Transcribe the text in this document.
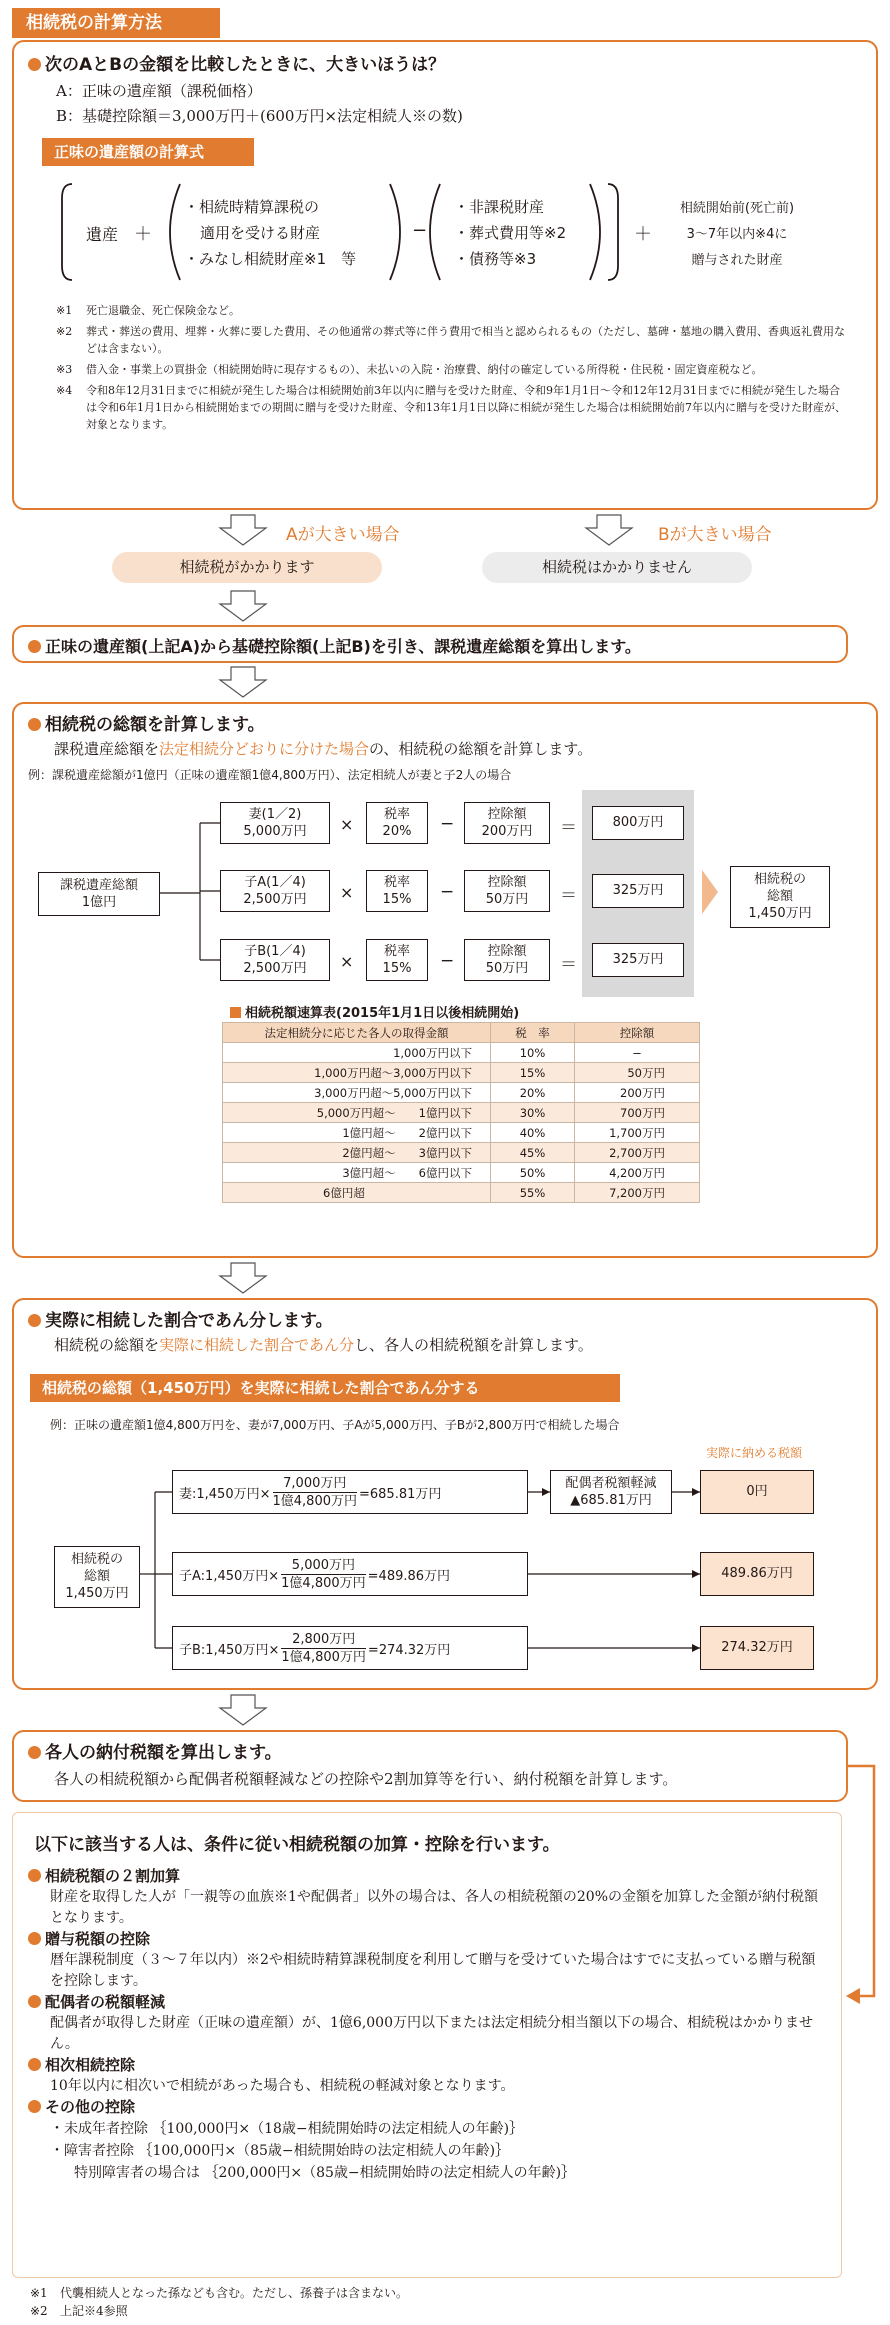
相続税の計算方法
次のAとBの金額を比較したときに、大きいほうは？
A：正味の遺産額（課税価格）
B：基礎控除額＝3,000万円＋(600万円×法定相続人※の数)
正味の遺産額の計算式
遺産 ＋
・相続時精算課税の
適用を受ける財産
・みなし相続財産※1　等
−
・非課税財産
・葬式費用等※2
・債務等※3
＋
相続開始前(死亡前)
3〜7年以内※4に
贈与された財産
※1	死亡退職金、死亡保険金など。
※2	葬式・葬送の費用、埋葬・火葬に要した費用、その他通常の葬式等に伴う費用で相当と認められるもの（ただし、墓碑・墓地の購入費用、香典返礼費用などは含まない）。
※3	借入金・事業上の買掛金（相続開始時に現存するもの）、未払いの入院・治療費、納付の確定している所得税・住民税・固定資産税など。
※4	令和8年12月31日までに相続が発生した場合は相続開始前3年以内に贈与を受けた財産、令和9年1月1日〜令和12年12月31日までに相続が発生した場合は令和6年1月1日から相続開始までの期間に贈与を受けた財産、令和13年1月1日以降に相続が発生した場合は相続開始前7年以内に贈与を受けた財産が、対象となります。
Aが大きい場合	Bが大きい場合
相続税がかかります	相続税はかかりません
正味の遺産額(上記A)から基礎控除額(上記B)を引き、課税遺産総額を算出します。
相続税の総額を計算します。
課税遺産総額を法定相続分どおりに分けた場合の、相続税の総額を計算します。
例：課税遺産総額が1億円（正味の遺産額1億4,800万円）、法定相続人が妻と子2人の場合
課税遺産総額
1億円
妻(1／2)
5,000万円	×
税率
20%	−	控除額
200万円	＝	800万円
子A(1／4)
2,500万円	×
税率
15%	−	控除額
50万円	＝	325万円
子B(1／4)
2,500万円	×
税率
15%	−	控除額
50万円	＝	325万円
相続税の
総額
1,450万円
相続税額速算表(2015年1月1日以後相続開始)
法定相続分に応じた各人の取得金額	税　率	控除額
1,000万円以下	10%	−
1,000万円超〜3,000万円以下	15%	50万円
3,000万円超〜5,000万円以下	20%	200万円
5,000万円超〜　　1億円以下	30%	700万円
1億円超〜　　2億円以下	40%	1,700万円
2億円超〜　　3億円以下	45%	2,700万円
3億円超〜　　6億円以下	50%	4,200万円
6億円超	55%	7,200万円
実際に相続した割合であん分します。
相続税の総額を実際に相続した割合であん分し、各人の相続税額を計算します。
相続税の総額（1,450万円）を実際に相続した割合であん分する
例：正味の遺産額1億4,800万円を、妻が7,000万円、子Aが5,000万円、子Bが2,800万円で相続した場合
実際に納める税額
相続税の
総額
1,450万円
妻:1,450万円×
7,000万円
1億4,800万円 =685.81万円
配偶者税額軽減
▲685.81万円
0円
子A:1,450万円×
5,000万円
1億4,800万円 =489.86万円	489.86万円
子B:1,450万円×
2,800万円
1億4,800万円 =274.32万円	274.32万円
各人の納付税額を算出します。
各人の相続税額から配偶者税額軽減などの控除や2割加算等を行い、納付税額を計算します。
以下に該当する人は、条件に従い相続税額の加算・控除を行います。
相続税額の２割加算
財産を取得した人が「一親等の血族※1や配偶者」以外の場合は、各人の相続税額の20%の金額を加算した金額が納付税額となります。
贈与税額の控除
暦年課税制度（３〜７年以内）※2や相続時精算課税制度を利用して贈与を受けていた場合はすでに支払っている贈与税額を控除します。
配偶者の税額軽減
配偶者が取得した財産（正味の遺産額）が、1億6,000万円以下または法定相続分相当額以下の場合、相続税はかかりません。
相次相続控除
10年以内に相次いで相続があった場合も、相続税の軽減対象となります。
その他の控除
・未成年者控除 ｛100,000円×（18歳−相続開始時の法定相続人の年齢)｝
・障害者控除 ｛100,000円×（85歳−相続開始時の法定相続人の年齢)｝
特別障害者の場合は ｛200,000円×（85歳−相続開始時の法定相続人の年齢)｝
※1	代襲相続人となった孫なども含む。ただし、孫養子は含まない。
※2	上記※4参照
